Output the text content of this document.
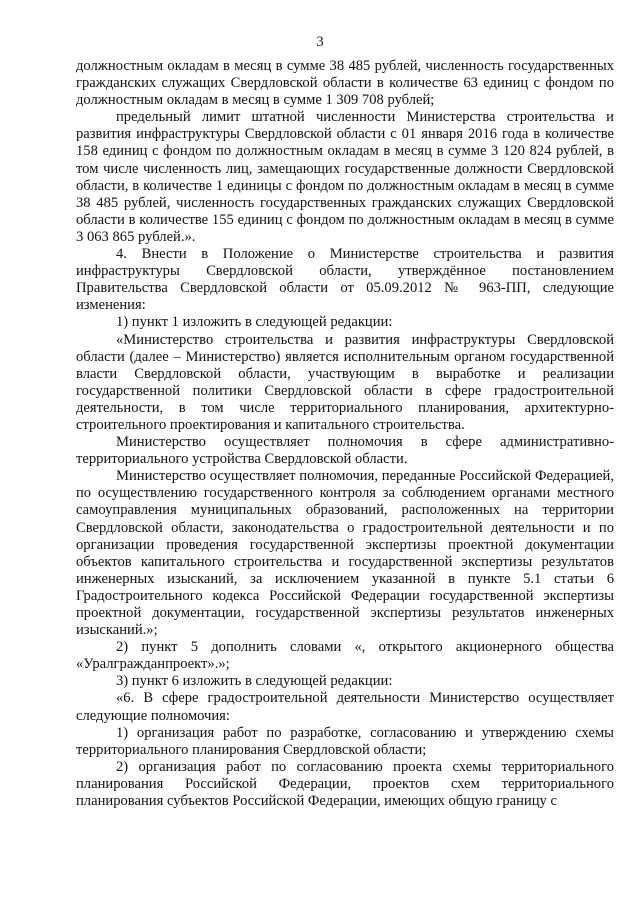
3

должностным окладам в месяц в сумме 38 485 рублей, численность государственных гражданских служащих Свердловской области в количестве 63 единиц с фондом по должностным окладам в месяц в сумме 1 309 708 рублей;

предельный лимит штатной численности Министерства строительства и развития инфраструктуры Свердловской области с 01 января 2016 года в количестве 158 единиц с фондом по должностным окладам в месяц в сумме 3 120 824 рублей, в том числе численность лиц, замещающих государственные должности Свердловской области, в количестве 1 единицы с фондом по должностным окладам в месяц в сумме 38 485 рублей, численность государственных гражданских служащих Свердловской области в количестве 155 единиц с фондом по должностным окладам в месяц в сумме 3 063 865 рублей.».

4. Внести в Положение о Министерстве строительства и развития инфраструктуры Свердловской области, утверждённое постановлением Правительства Свердловской области от 05.09.2012 № 963-ПП, следующие изменения:

1) пункт 1 изложить в следующей редакции:

«Министерство строительства и развития инфраструктуры Свердловской области (далее – Министерство) является исполнительным органом государственной власти Свердловской области, участвующим в выработке и реализации государственной политики Свердловской области в сфере градостроительной деятельности, в том числе территориального планирования, архитектурно-строительного проектирования и капитального строительства.

Министерство осуществляет полномочия в сфере административно-территориального устройства Свердловской области.

Министерство осуществляет полномочия, переданные Российской Федерацией, по осуществлению государственного контроля за соблюдением органами местного самоуправления муниципальных образований, расположенных на территории Свердловской области, законодательства о градостроительной деятельности и по организации проведения государственной экспертизы проектной документации объектов капитального строительства и государственной экспертизы результатов инженерных изысканий, за исключением указанной в пункте 5.1 статьи 6 Градостроительного кодекса Российской Федерации государственной экспертизы проектной документации, государственной экспертизы результатов инженерных изысканий.»;

2) пункт 5 дополнить словами «, открытого акционерного общества «Уралгражданпроект».»;

3) пункт 6 изложить в следующей редакции:

«6. В сфере градостроительной деятельности Министерство осуществляет следующие полномочия:

1) организация работ по разработке, согласованию и утверждению схемы территориального планирования Свердловской области;

2) организация работ по согласованию проекта схемы территориального планирования Российской Федерации, проектов схем территориального планирования субъектов Российской Федерации, имеющих общую границу с
